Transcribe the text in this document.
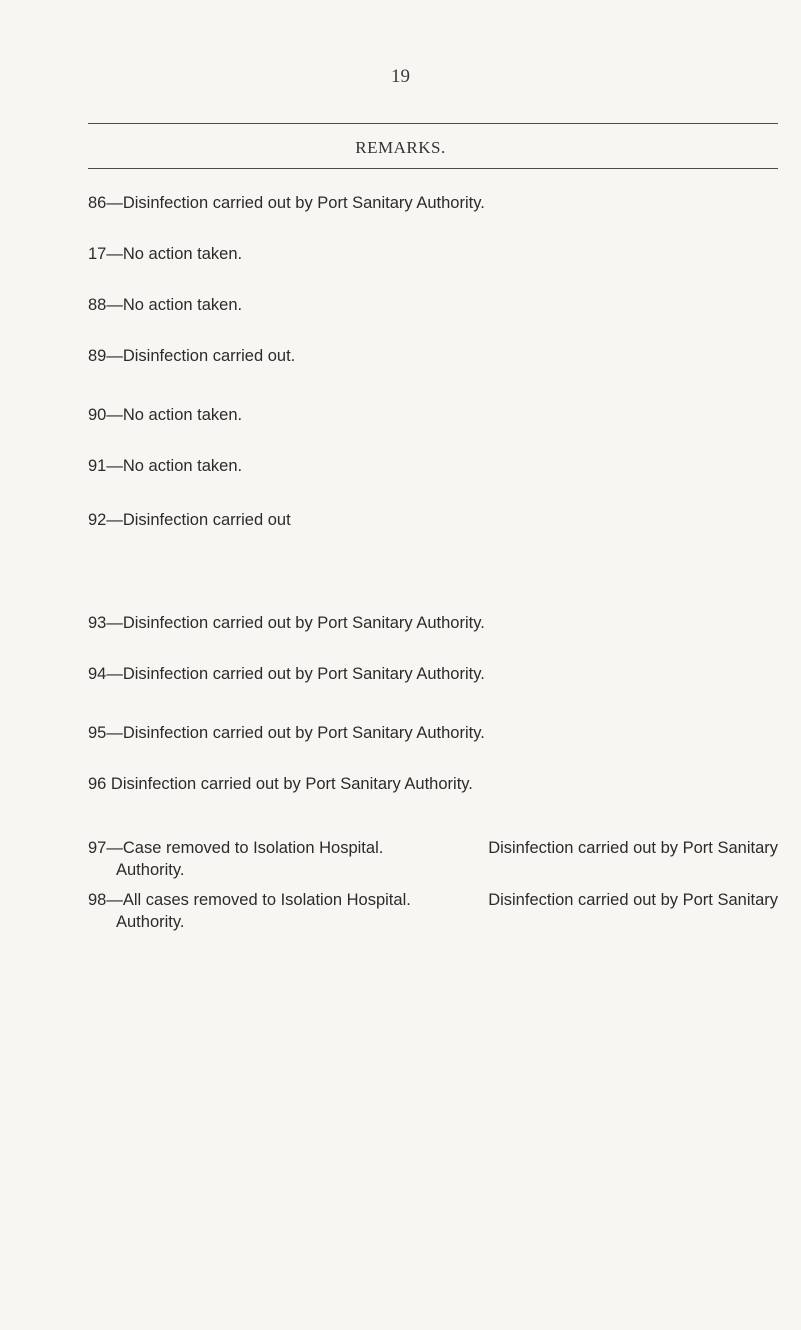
19
REMARKS.
86—Disinfection carried out by Port Sanitary Authority.
17—No action taken.
88—No action taken.
89—Disinfection carried out.
90—No action taken.
91—No action taken.
92—Disinfection carried out
93—Disinfection carried out by Port Sanitary Authority.
94—Disinfection carried out by Port Sanitary Authority.
95—Disinfection carried out by Port Sanitary Authority.
96 Disinfection carried out by Port Sanitary Authority.
97—Case removed to Isolation Hospital.	Disinfection carried out by Port Sanitary
Authority.
98—All cases removed to Isolation Hospital.	Disinfection carried out by Port Sanitary
Authority.
